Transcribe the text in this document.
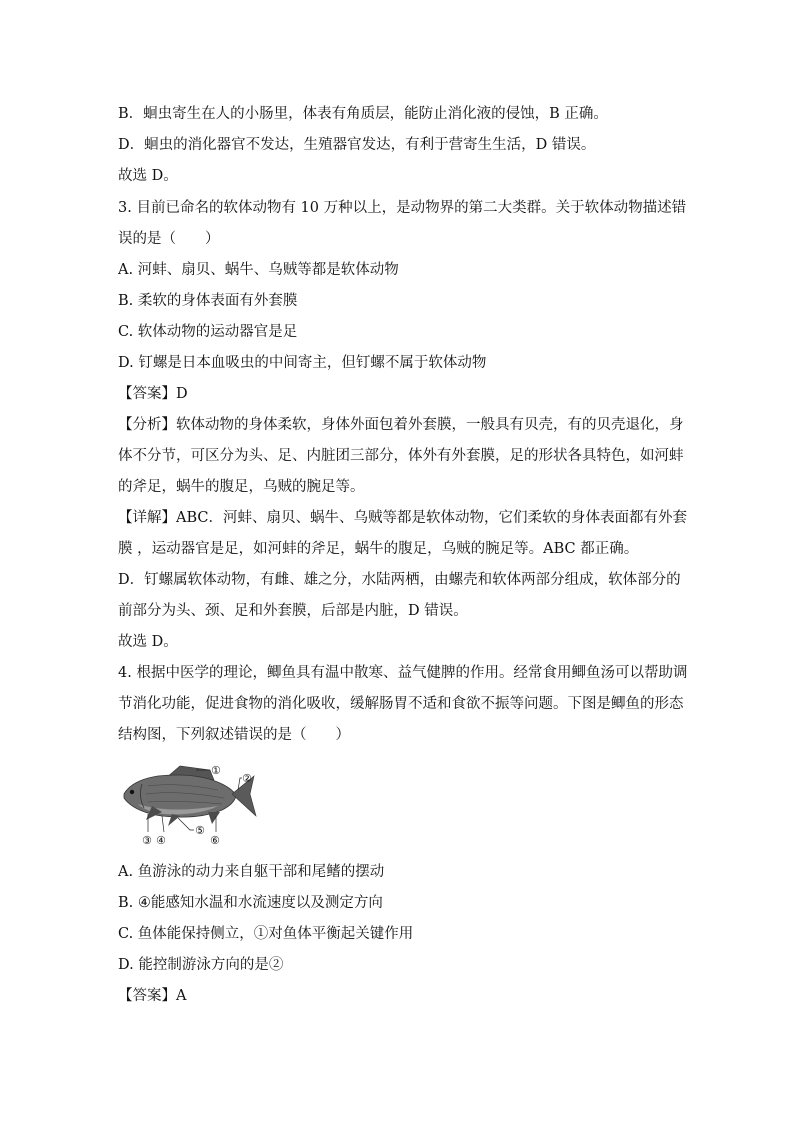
B．蛔虫寄生在人的小肠里，体表有角质层，能防止消化液的侵蚀，B 正确。
D．蛔虫的消化器官不发达，生殖器官发达，有利于营寄生生活，D 错误。
故选 D。
3. 目前已命名的软体动物有 10 万种以上，是动物界的第二大类群。关于软体动物描述错
误的是（　　）
A. 河蚌、扇贝、蜗牛、乌贼等都是软体动物
B. 柔软的身体表面有外套膜
C. 软体动物的运动器官是足
D. 钉螺是日本血吸虫的中间寄主，但钉螺不属于软体动物
【答案】D
【分析】软体动物的身体柔软，身体外面包着外套膜，一般具有贝壳，有的贝壳退化，身
体不分节，可区分为头、足、内脏团三部分，体外有外套膜，足的形状各具特色，如河蚌
的斧足，蜗牛的腹足，乌贼的腕足等。
【详解】ABC．河蚌、扇贝、蜗牛、乌贼等都是软体动物，它们柔软的身体表面都有外套
膜 ，运动器官是足，如河蚌的斧足，蜗牛的腹足，乌贼的腕足等。ABC 都正确。
D．钉螺属软体动物，有雌、雄之分，水陆两栖，由螺壳和软体两部分组成，软体部分的
前部分为头、颈、足和外套膜，后部是内脏，D 错误。
故选 D。
4. 根据中医学的理论，鲫鱼具有温中散寒、益气健脾的作用。经常食用鲫鱼汤可以帮助调
节消化功能，促进食物的消化吸收，缓解肠胃不适和食欲不振等问题。下图是鲫鱼的形态
结构图，下列叙述错误的是（　　）
①
②
③ ④
⑤
⑥
A. 鱼游泳的动力来自躯干部和尾鳍的摆动
B. ④能感知水温和水流速度以及测定方向
C. 鱼体能保持侧立，①对鱼体平衡起关键作用
D. 能控制游泳方向的是②
【答案】A
